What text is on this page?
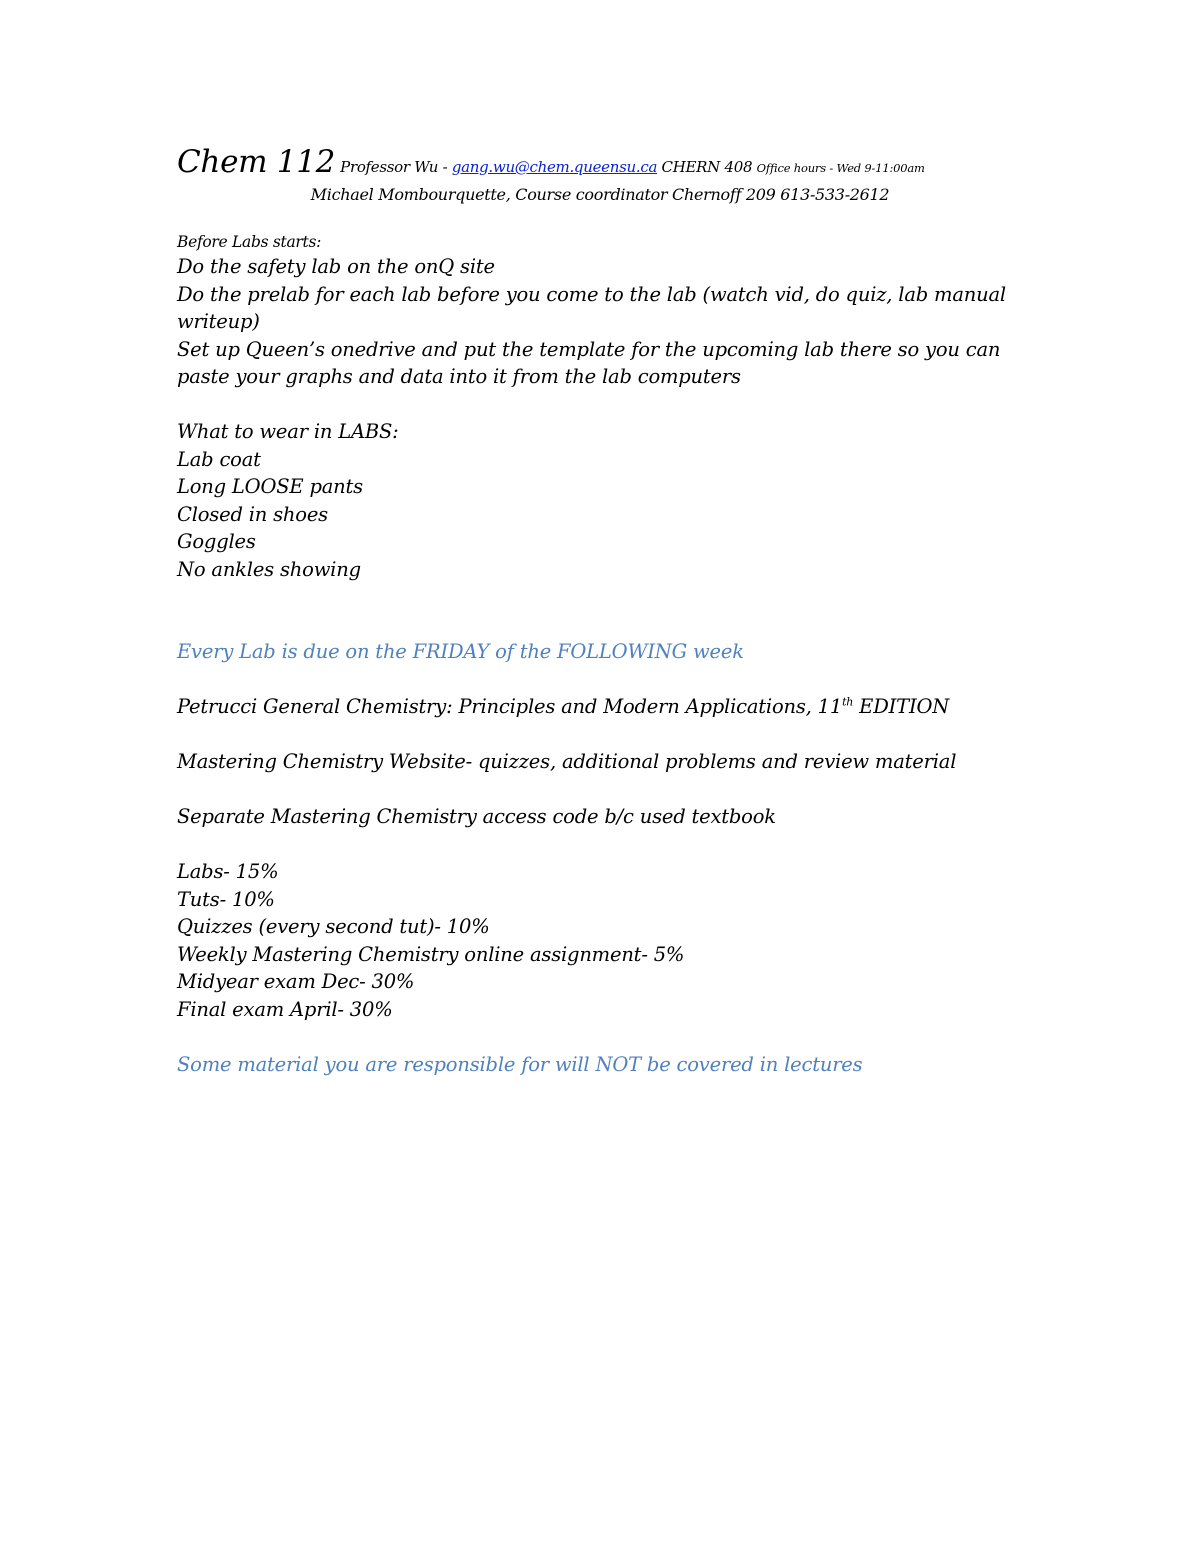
Chem 112 Professor Wu - gang.wu@chem.queensu.ca CHERN 408 Office hours - Wed 9-11:00am
Michael Mombourquette, Course coordinator Chernoff 209 613-533-2612
Before Labs starts:
Do the safety lab on the onQ site
Do the prelab for each lab before you come to the lab (watch vid, do quiz, lab manual
writeup)
Set up Queen’s onedrive and put the template for the upcoming lab there so you can
paste your graphs and data into it from the lab computers
What to wear in LABS:
Lab coat
Long LOOSE pants
Closed in shoes
Goggles
No ankles showing
Every Lab is due on the FRIDAY of the FOLLOWING week
Petrucci General Chemistry: Principles and Modern Applications, 11th EDITION
Mastering Chemistry Website- quizzes, additional problems and review material
Separate Mastering Chemistry access code b/c used textbook
Labs- 15%
Tuts- 10%
Quizzes (every second tut)- 10%
Weekly Mastering Chemistry online assignment- 5%
Midyear exam Dec- 30%
Final exam April- 30%
Some material you are responsible for will NOT be covered in lectures
